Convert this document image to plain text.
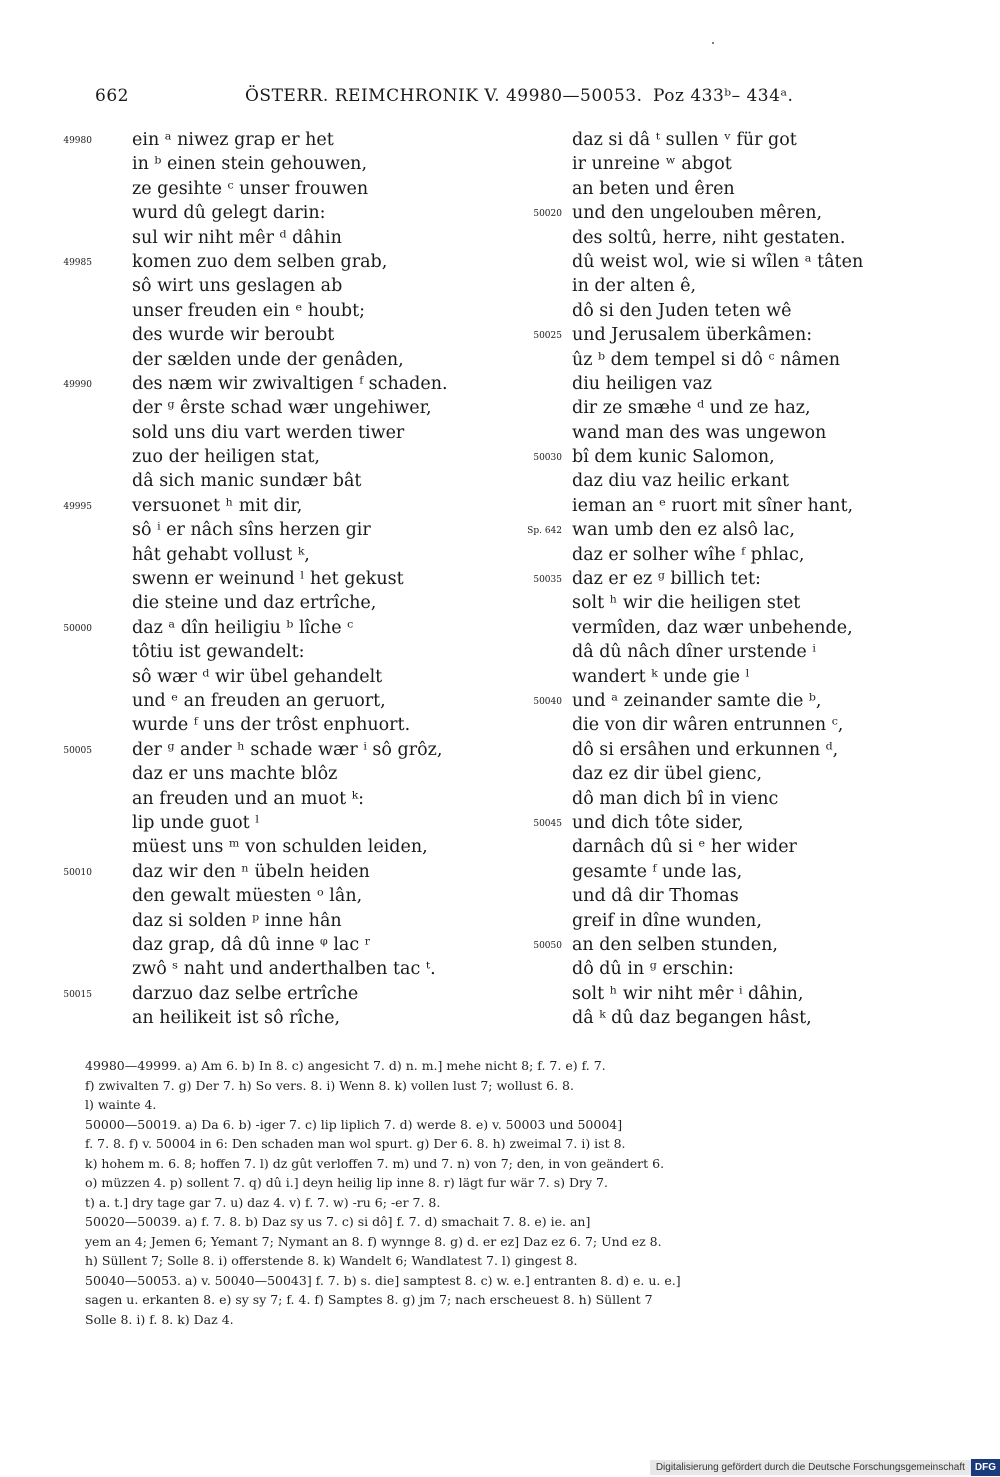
662	ÖSTERR. REIMCHRONIK V. 49980—50053. Poz 433ᵇ– 434ᵃ.
49980 ein ᵃ niwez grap er het
in ᵇ einen stein gehouwen,
ze gesihte ᶜ unser frouwen
wurd dû gelegt darin:
sul wir niht mêr ᵈ dâhin
49985 komen zuo dem selben grab,
sô wirt uns geslagen ab
unser freuden ein ᵉ houbt;
des wurde wir beroubt
der sælden unde der genâden,
49990 des næm wir zwivaltigen ᶠ schaden.
der ᵍ êrste schad wær ungehiwer,
sold uns diu vart werden tiwer
zuo der heiligen stat,
dâ sich manic sundær bât
49995 versuonet ʰ mit dir,
sô ⁱ er nâch sîns herzen gir
hât gehabt vollust ᵏ,
swenn er weinund ˡ het gekust
die steine und daz ertrîche,
50000 daz ᵃ dîn heiligiu ᵇ lîche ᶜ
tôtiu ist gewandelt:
sô wær ᵈ wir übel gehandelt
und ᵉ an freuden an geruort,
wurde ᶠ uns der trôst enphuort.
50005 der ᵍ ander ʰ schade wær ⁱ sô grôz,
daz er uns machte blôz
an freuden und an muot ᵏ:
lip unde guot ˡ
müest uns ᵐ von schulden leiden,
50010 daz wir den ⁿ übeln heiden
den gewalt müesten ᵒ lân,
daz si solden ᵖ inne hân
daz grap, dâ dû inne ᵠ lac ʳ
zwô ˢ naht und anderthalben tac ᵗ.
50015 darzuo daz selbe ertrîche
an heilikeit ist sô rîche,
daz si dâ ᵗ sullen ᵛ für got
ir unreine ʷ abgot
an beten und êren
50020 und den ungelouben mêren,
des soltû, herre, niht gestaten.
dû weist wol, wie si wîlen ᵃ tâten
in der alten ê,
dô si den Juden teten wê
50025 und Jerusalem überkâmen:
ûz ᵇ dem tempel si dô ᶜ nâmen
diu heiligen vaz
dir ze smæhe ᵈ und ze haz,
wand man des was ungewon
50030 bî dem kunic Salomon,
daz diu vaz heilic erkant
ieman an ᵉ ruort mit sîner hant,
Sp. 642 wan umb den ez alsô lac,
daz er solher wîhe ᶠ phlac,
50035 daz er ez ᵍ billich tet:
solt ʰ wir die heiligen stet
vermîden, daz wær unbehende,
dâ dû nâch dîner urstende ⁱ
wandert ᵏ unde gie ˡ
50040 und ᵃ zeinander samte die ᵇ,
die von dir wâren entrunnen ᶜ,
dô si ersâhen und erkunnen ᵈ,
daz ez dir übel gienc,
dô man dich bî in vienc
50045 und dich tôte sider,
darnâch dû si ᵉ her wider
gesamte ᶠ unde las,
und dâ dir Thomas
greif in dîne wunden,
50050 an den selben stunden,
dô dû in ᵍ erschin:
solt ʰ wir niht mêr ⁱ dâhin,
dâ ᵏ dû daz begangen hâst,
49980—49999. a) Am 6. b) In 8. c) angesicht 7. d) n. m.] mehe nicht 8; f. 7. e) f. 7.
f) zwivalten 7. g) Der 7. h) So vers. 8. i) Wenn 8. k) vollen lust 7; wollust 6. 8.
l) wainte 4.
50000—50019. a) Da 6. b) -iger 7. c) lip liplich 7. d) werde 8. e) v. 50003 und 50004]
f. 7. 8. f) v. 50004 in 6: Den schaden man wol spurt. g) Der 6. 8. h) zweimal 7. i) ist 8.
k) hohem m. 6. 8; hoffen 7. l) dz gût verloffen 7. m) und 7. n) von 7; den, in von geändert 6.
o) müzzen 4. p) sollent 7. q) dû i.] deyn heilig lip inne 8. r) lägt fur wär 7. s) Dry 7.
t) a. t.] dry tage gar 7. u) daz 4. v) f. 7. w) -ru 6; -er 7. 8.
50020—50039. a) f. 7. 8. b) Daz sy us 7. c) si dô] f. 7. d) smachait 7. 8. e) ie. an]
yem an 4; Jemen 6; Yemant 7; Nymant an 8. f) wynnge 8. g) d. er ez] Daz ez 6. 7; Und ez 8.
h) Süllent 7; Solle 8. i) offerstende 8. k) Wandelt 6; Wandlatest 7. l) gingest 8.
50040—50053. a) v. 50040—50043] f. 7. b) s. die] samptest 8. c) w. e.] entranten 8. d) e. u. e.]
sagen u. erkanten 8. e) sy sy 7; f. 4. f) Samptes 8. g) jm 7; nach erscheuest 8. h) Süllent 7
Solle 8. i) f. 8. k) Daz 4.
Digitalisierung gefördert durch die Deutsche Forschungsgemeinschaft	DFG
